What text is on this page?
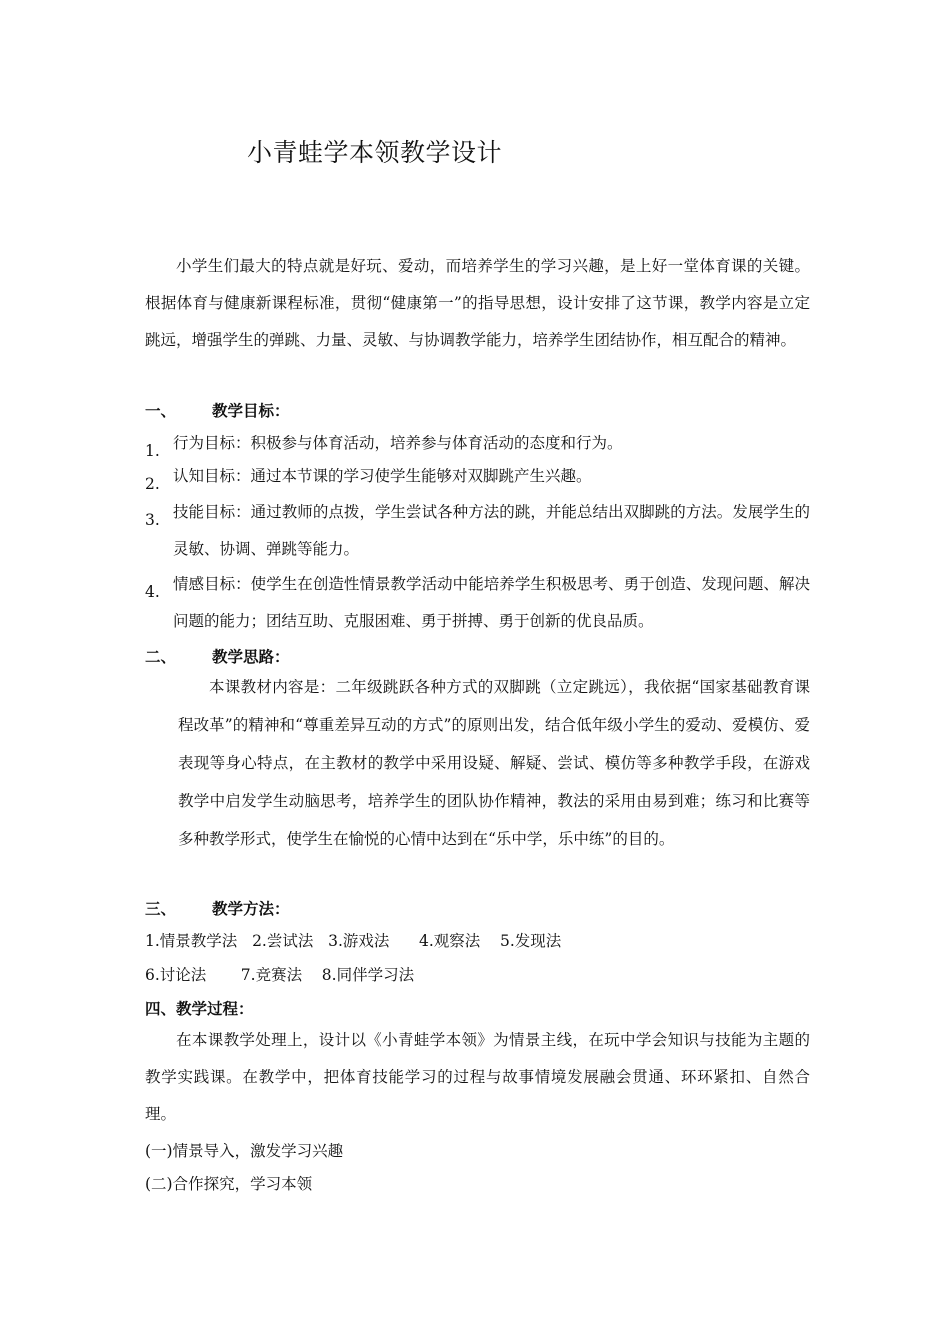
小青蛙学本领教学设计
小学生们最大的特点就是好玩、爱动，而培养学生的学习兴趣，是上好一堂体育课的关键。根据体育与健康新课程标准，贯彻“健康第一”的指导思想，设计安排了这节课，教学内容是立定跳远，增强学生的弹跳、力量、灵敏、与协调教学能力，培养学生团结协作，相互配合的精神。
一、 教学目标：
1. 行为目标：积极参与体育活动，培养参与体育活动的态度和行为。
2. 认知目标：通过本节课的学习使学生能够对双脚跳产生兴趣。
3. 技能目标：通过教师的点拨，学生尝试各种方法的跳，并能总结出双脚跳的方法。发展学生的灵敏、协调、弹跳等能力。
4. 情感目标：使学生在创造性情景教学活动中能培养学生积极思考、勇于创造、发现问题、解决问题的能力；团结互助、克服困难、勇于拼搏、勇于创新的优良品质。
二、 教学思路：
本课教材内容是：二年级跳跃各种方式的双脚跳（立定跳远），我依据“国家基础教育课程改革”的精神和“尊重差异互动的方式”的原则出发，结合低年级小学生的爱动、爱模仿、爱表现等身心特点，在主教材的教学中采用设疑、解疑、尝试、模仿等多种教学手段，在游戏教学中启发学生动脑思考，培养学生的团队协作精神，教法的采用由易到难；练习和比赛等多种教学形式，使学生在愉悦的心情中达到在“乐中学，乐中练”的目的。
三、 教学方法：
1.情景教学法   2.尝试法   3.游戏法      4.观察法    5.发现法
6.讨论法       7.竞赛法    8.同伴学习法
四、教学过程：
在本课教学处理上，设计以《小青蛙学本领》为情景主线，在玩中学会知识与技能为主题的教学实践课。在教学中，把体育技能学习的过程与故事情境发展融会贯通、环环紧扣、自然合理。
(一)情景导入，激发学习兴趣
(二)合作探究，学习本领
